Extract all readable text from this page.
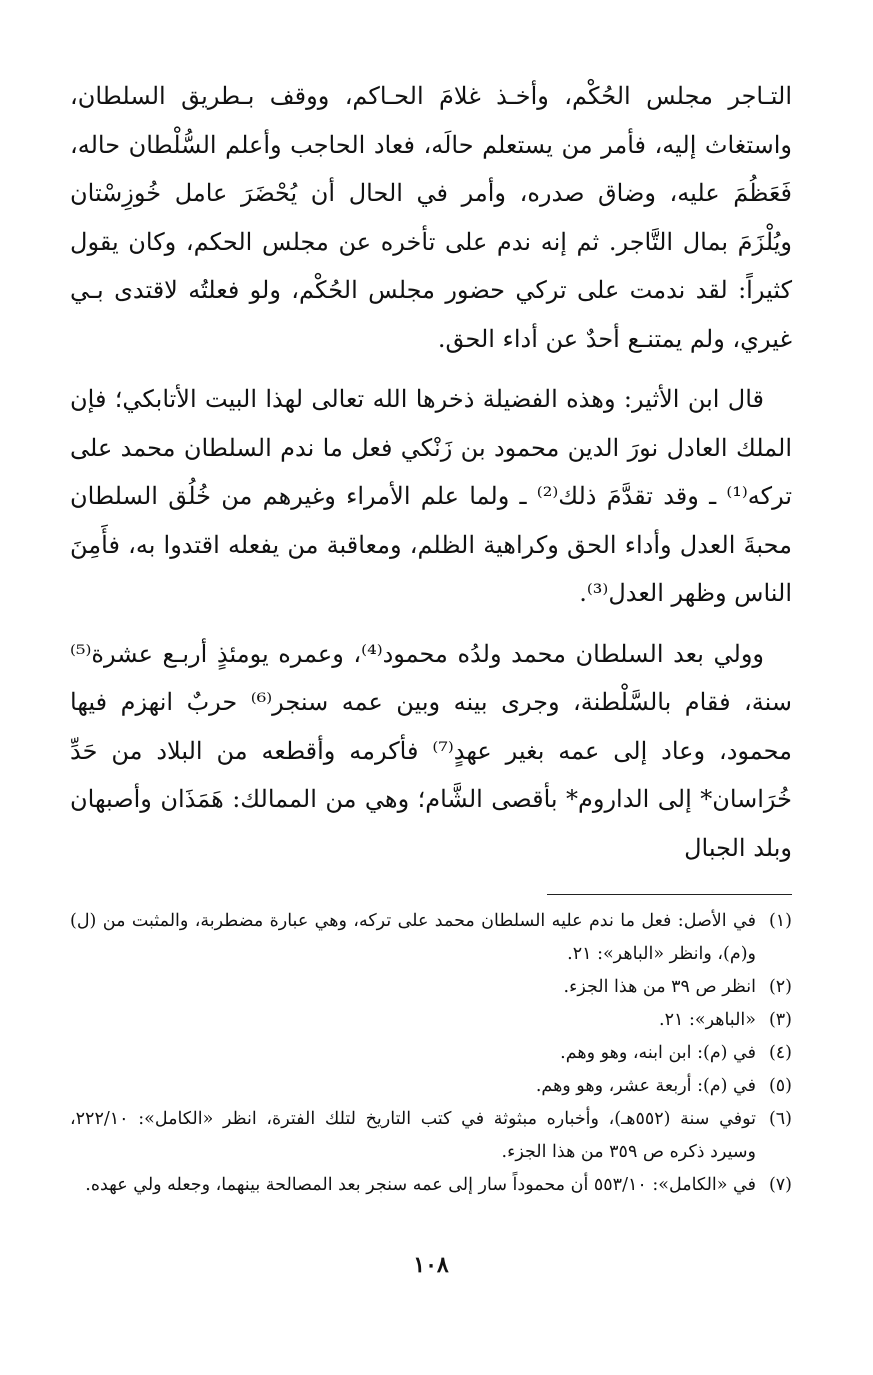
التـاجر مجلس الحُكْم، وأخـذ غلامَ الحـاكم، ووقف بـطريق السلطان، واستغاث إليه، فأمر من يستعلم حالَه، فعاد الحاجب وأعلم السُّلْطان حاله، فَعَظُمَ عليه، وضاق صدره، وأمر في الحال أن يُحْضَرَ عامل خُوزِسْتان ويُلْزَمَ بمال التَّاجر. ثم إنه ندم على تأخره عن مجلس الحكم، وكان يقول كثيراً: لقد ندمت على تركي حضور مجلس الحُكْم، ولو فعلتُه لاقتدى بـي غيري، ولم يمتنـع أحدٌ عن أداء الحق.

قال ابن الأثير: وهذه الفضيلة ذخرها الله تعالى لهذا البيت الأتابكي؛ فإن الملك العادل نورَ الدين محمود بن زَنْكي فعل ما ندم السلطان محمد على تركه⁽¹⁾ ـ وقد تقدَّمَ ذلك⁽²⁾ ـ ولما علم الأمراء وغيرهم من خُلُق السلطان محبةَ العدل وأداء الحق وكراهية الظلم، ومعاقبة من يفعله اقتدوا به، فأَمِنَ الناس وظهر العدل⁽³⁾.

وولي بعد السلطان محمد ولدُه محمود⁽⁴⁾، وعمره يومئذٍ أربـع عشرة⁽⁵⁾ سنة، فقام بالسَّلْطنة، وجرى بينه وبين عمه سنجر⁽⁶⁾ حربٌ انهزم فيها محمود، وعاد إلى عمه بغير عهدٍ⁽⁷⁾ فأكرمه وأقطعه من البلاد من حَدِّ خُرَاسان* إلى الداروم* بأقصى الشَّام؛ وهي من الممالك: هَمَذَان وأصبهان وبلد الجبال

(١)
في الأصل: فعل ما ندم عليه السلطان محمد على تركه، وهي عبارة مضطربة، والمثبت من (ل) و(م)، وانظر «الباهر»: ٢١.
(٢)
انظر ص ٣٩ من هذا الجزء.
(٣)
«الباهر»: ٢١.
(٤)
في (م): ابن ابنه، وهو وهم.
(٥)
في (م): أربعة عشر، وهو وهم.
(٦)
توفي سنة (٥٥٢هـ)، وأخباره مبثوثة في كتب التاريخ لتلك الفترة، انظر «الكامل»: ٢٢٢/١٠، وسيرد ذكره ص ٣٥٩ من هذا الجزء.
(٧)
في «الكامل»: ٥٥٣/١٠ أن محموداً سار إلى عمه سنجر بعد المصالحة بينهما، وجعله ولي عهده.
١٠٨
